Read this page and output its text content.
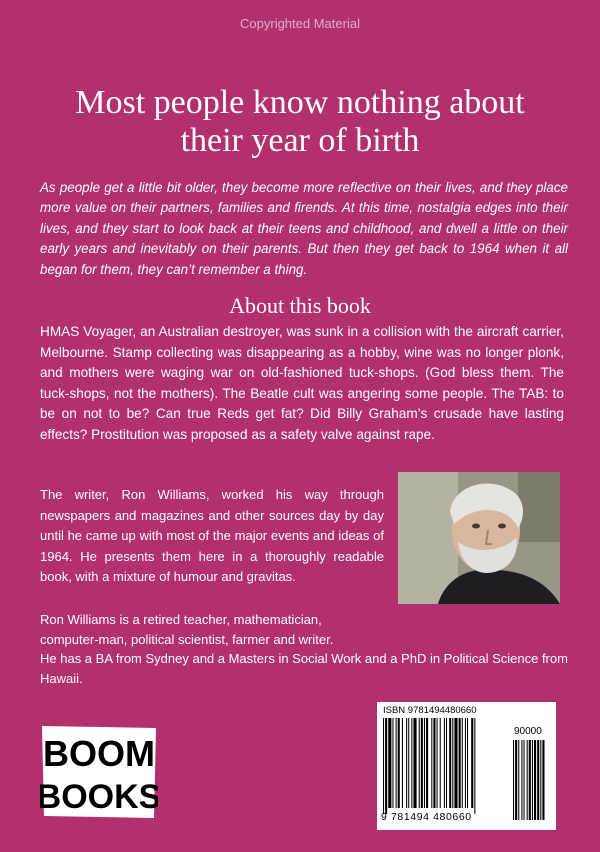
Copyrighted Material
Most people know nothing about
their year of birth
As people get a little bit older, they become more reflective on their lives, and they place more value on their partners, families and firends. At this time, nostalgia edges into their lives, and they start to look back at their teens and childhood, and dwell a little on their early years and inevitably on their parents. But then they get back to 1964 when it all began for them, they can’t remember a thing.
About this book
HMAS Voyager, an Australian destroyer, was sunk in a collision with the aircraft carrier, Melbourne. Stamp collecting was disappearing as a hobby, wine was no longer plonk, and mothers were waging war on old-fashioned tuck-shops. (God bless them. The tuck-shops, not the mothers). The Beatle cult was angering some people. The TAB: to be on not to be? Can true Reds get fat? Did Billy Graham’s crusade have lasting effects? Prostitution was proposed as a safety valve against rape.
The writer, Ron Williams, worked his way through newspapers and magazines and other sources day by day until he came up with most of the major events and ideas of 1964. He presents them here in a thoroughly readable book, with a mixture of humour and gravitas.
Ron Williams is a retired teacher, mathematician,
computer-man, political scientist, farmer and writer.
He has a BA from Sydney and a Masters in Social Work and a PhD in Political Science from Hawaii.
BOOM
BOOKS
ISBN 9781494480660
90000
9 781494 480660
